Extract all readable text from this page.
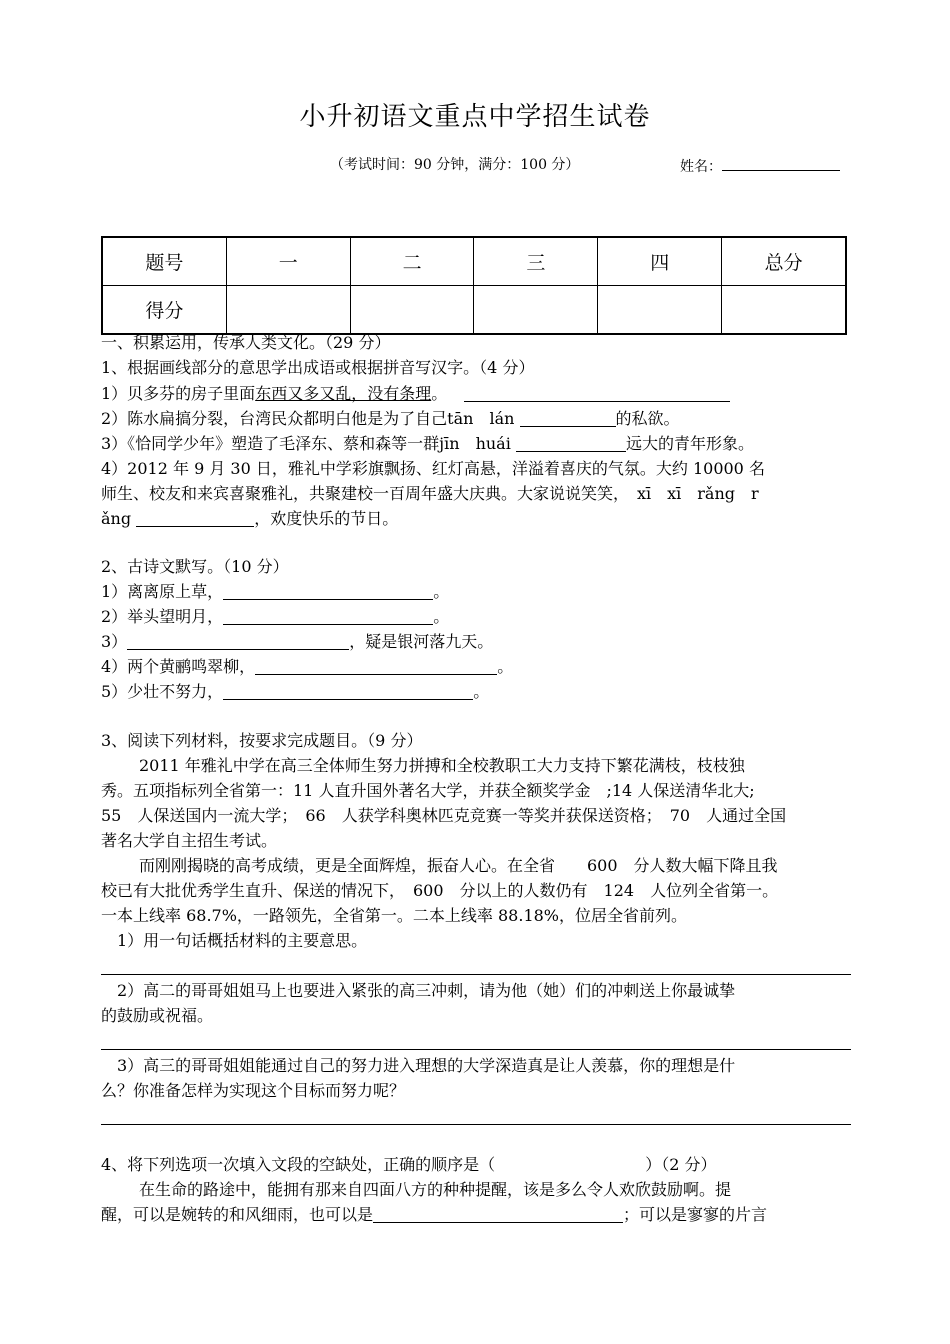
小升初语文重点中学招生试卷
（考试时间：90 分钟，满分：100 分）	姓名：
题号	一	二	三	四	总分
得分					
一、积累运用，传承人类文化。（29 分）
1、根据画线部分的意思学出成语或根据拼音写汉字。（4 分）
1）贝多芬的房子里面东西又多又乱，没有条理。
2）陈水扁搞分裂，台湾民众都明白他是为了自己tān　lán	的私欲。
3）《恰同学少年》塑造了毛泽东、蔡和森等一群jīn　huái	远大的青年形象。
4）2012 年 9 月 30 日，雅礼中学彩旗飘扬、红灯高悬，洋溢着喜庆的气氛。大约 10000 名
师生、校友和来宾喜聚雅礼，共聚建校一百周年盛大庆典。大家说说笑笑，　xī　xī　rǎng　r
ǎng	，欢度快乐的节日。
2、古诗文默写。（10 分）
1）离离原上草，	。
2）举头望明月，	。
3）	，疑是银河落九天。
4）两个黄鹂鸣翠柳，	。
5）少壮不努力，	。
3、阅读下列材料，按要求完成题目。（9 分）
2011 年雅礼中学在高三全体师生努力拼搏和全校教职工大力支持下繁花满枝，枝枝独
秀。五项指标列全省第一：11 人直升国外著名大学，并获全额奖学金　;14 人保送清华北大;
55　人保送国内一流大学；　66　人获学科奥林匹克竞赛一等奖并获保送资格；　70　人通过全国
著名大学自主招生考试。
而刚刚揭晓的高考成绩，更是全面辉煌，振奋人心。在全省　　600　分人数大幅下降且我
校已有大批优秀学生直升、保送的情况下，　600　分以上的人数仍有　124　人位列全省第一。
一本上线率 68.7%，一路领先，全省第一。二本上线率 88.18%，位居全省前列。
1）用一句话概括材料的主要意思。
2）高二的哥哥姐姐马上也要进入紧张的高三冲刺，请为他（她）们的冲刺送上你最诚挚
的鼓励或祝福。
3）高三的哥哥姐姐能通过自己的努力进入理想的大学深造真是让人羡慕，你的理想是什
么？你准备怎样为实现这个目标而努力呢？
4、将下列选项一次填入文段的空缺处，正确的顺序是（	）（2 分）
在生命的路途中，能拥有那来自四面八方的种种提醒，该是多么令人欢欣鼓励啊。提
醒，可以是婉转的和风细雨，也可以是	；可以是寥寥的片言
